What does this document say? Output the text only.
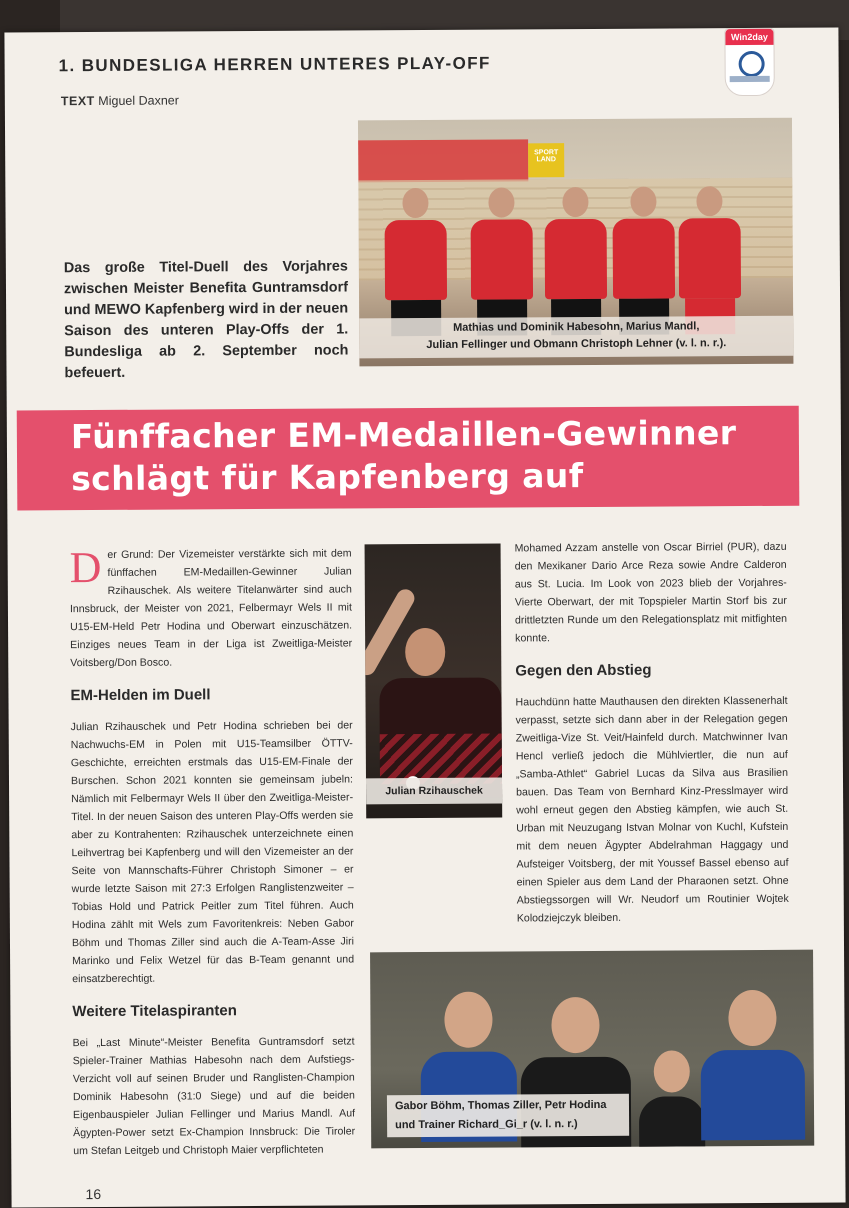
1. BUNDESLIGA HERREN UNTERES PLAY-OFF
TEXT Miguel Daxner
Win2day
Das große Titel-Duell des Vorjahres zwischen Meister Benefita Guntramsdorf und MEWO Kapfenberg wird in der neuen Saison des unteren Play-Offs der 1. Bundesliga ab 2. September noch befeuert.
SPORT LAND
Mathias und Dominik Habesohn, Marius Mandl,
Julian Fellinger und Obmann Christoph Lehner (v. l. n. r.).
Fünffacher EM-Medaillen-Gewinner
schlägt für Kapfenberg auf

Der Grund: Der Vizemeister verstärkte sich mit dem fünffachen EM-Medaillen-Gewinner Julian Rzihauschek. Als weitere Titelanwärter sind auch Innsbruck, der Meister von 2021, Felbermayr Wels II mit U15-EM-Held Petr Hodina und Oberwart einzuschätzen. Einziges neues Team in der Liga ist Zweitliga-Meister Voitsberg/Don Bosco.

EM-Helden im Duell

Julian Rzihauschek und Petr Hodina schrieben bei der Nachwuchs-EM in Polen mit U15-Teamsilber ÖTTV-Geschichte, erreichten erstmals das U15-EM-Finale der Burschen. Schon 2021 konnten sie gemeinsam jubeln: Nämlich mit Felbermayr Wels II über den Zweitliga-Meister-Titel. In der neuen Saison des unteren Play-Offs werden sie aber zu Kontrahenten: Rzihauschek unterzeichnete einen Leihvertrag bei Kapfenberg und will den Vizemeister an der Seite von Mannschafts-Führer Christoph Simoner – er wurde letzte Saison mit 27:3 Erfolgen Ranglistenzweiter – Tobias Hold und Patrick Peitler zum Titel führen. Auch Hodina zählt mit Wels zum Favoritenkreis: Neben Gabor Böhm und Thomas Ziller sind auch die A-Team-Asse Jiri Marinko und Felix Wetzel für das B-Team genannt und einsatzberechtigt.

Weitere Titelaspiranten

Bei „Last Minute“-Meister Benefita Guntramsdorf setzt Spieler-Trainer Mathias Habesohn nach dem Aufstiegs-Verzicht voll auf seinen Bruder und Ranglisten-Champion Dominik Habesohn (31:0 Siege) und auf die beiden Eigenbauspieler Julian Fellinger und Marius Mandl. Auf Ägypten-Power setzt Ex-Champion Innsbruck: Die Tiroler um Stefan Leitgeb und Christoph Maier verpflichteten

Julian Rzihauschek

Mohamed Azzam anstelle von Oscar Birriel (PUR), dazu den Mexikaner Dario Arce Reza sowie Andre Calderon aus St. Lucia. Im Look von 2023 blieb der Vorjahres-Vierte Oberwart, der mit Topspieler Martin Storf bis zur drittletzten Runde um den Relegationsplatz mit mitfighten konnte.

Gegen den Abstieg

Hauchdünn hatte Mauthausen den direkten Klassenerhalt verpasst, setzte sich dann aber in der Relegation gegen Zweitliga-Vize St. Veit/Hainfeld durch. Matchwinner Ivan Hencl verließ jedoch die Mühlviertler, die nun auf „Samba-Athlet“ Gabriel Lucas da Silva aus Brasilien bauen. Das Team von Bernhard Kinz-Presslmayer wird wohl erneut gegen den Abstieg kämpfen, wie auch St. Urban mit Neuzugang Istvan Molnar von Kuchl, Kufstein mit dem neuen Ägypter Abdelrahman Haggagy und Aufsteiger Voitsberg, der mit Youssef Bassel ebenso auf einen Spieler aus dem Land der Pharaonen setzt. Ohne Abstiegssorgen will Wr. Neudorf um Routinier Wojtek Kolodziejczyk bleiben.

Gabor Böhm, Thomas Ziller, Petr Hodina
und Trainer Richard_Gi_r (v. l. n. r.)
16
